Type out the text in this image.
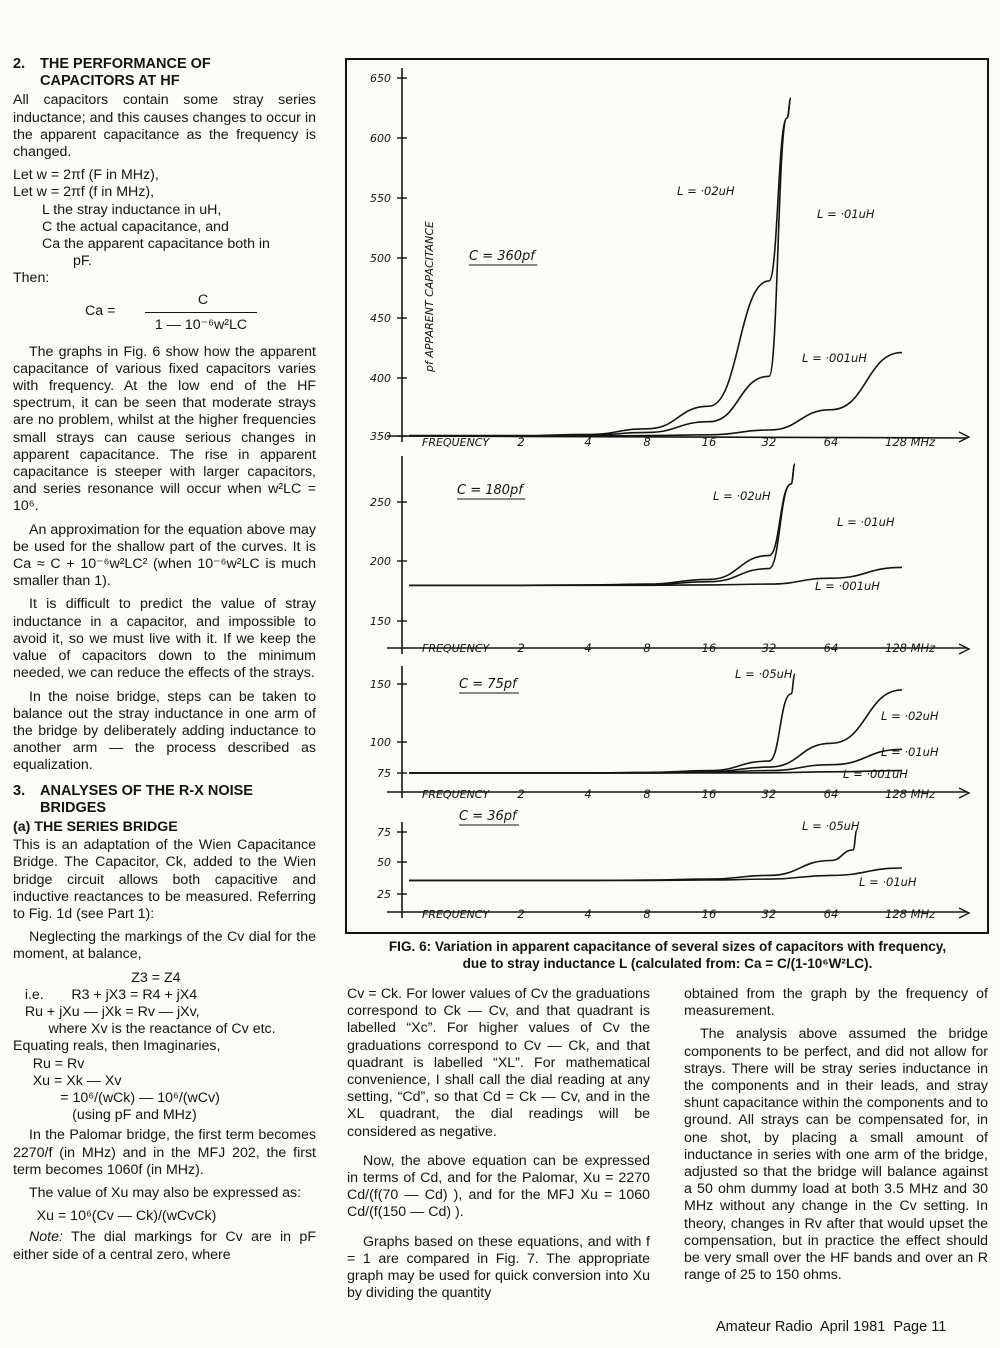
2. THE PERFORMANCE OF
CAPACITORS AT HF

All capacitors contain some stray series inductance; and this causes changes to occur in the apparent capacitance as the frequency is changed.

Let w = 2πf (F in MHz),
Let w = 2πf (f in MHz),
L the stray inductance in uH,
C the actual capacitance, and
Ca the apparent capacitance both in
pF.
Then:
Ca =
C
1 — 10⁻⁶w²LC

The graphs in Fig. 6 show how the apparent capacitance of various fixed capacitors varies with frequency. At the low end of the HF spectrum, it can be seen that moderate strays are no problem, whilst at the higher frequencies small strays can cause serious changes in apparent capacitance. The rise in apparent capacitance is steeper with larger capacitors, and series resonance will occur when w²LC = 10⁶.

An approximation for the equation above may be used for the shallow part of the curves. It is Ca ≈ C + 10⁻⁶w²LC² (when 10⁻⁶w²LC is much smaller than 1).

It is difficult to predict the value of stray inductance in a capacitor, and impossible to avoid it, so we must live with it. If we keep the value of capacitors down to the minimum needed, we can reduce the effects of the strays.

In the noise bridge, steps can be taken to balance out the stray inductance in one arm of the bridge by deliberately adding inductance to another arm — the process described as equalization.

3. ANALYSES OF THE R-X NOISE
BRIDGES
(a) THE SERIES BRIDGE

This is an adaptation of the Wien Capacitance Bridge. The Capacitor, Ck, added to the Wien bridge circuit allows both capacitive and inductive reactances to be measured. Referring to Fig. 1d (see Part 1):

Neglecting the markings of the Cv dial for the moment, at balance,

Z3 = Z4
i.e.       R3 + jX3 = R4 + jX4
Ru + jXu — jXk = Rv — jXv,
where Xv is the reactance of Cv etc.
Equating reals, then Imaginaries,
Ru = Rv
Xu = Xk — Xv
= 10⁶/(wCk) — 10⁶/(wCv)
(using pF and MHz)

In the Palomar bridge, the first term becomes 2270/f (in MHz) and in the MFJ 202, the first term becomes 1060f (in MHz).

The value of Xu may also be expressed as:

Xu = 10⁶(Cv — Ck)/(wCvCk)

Note: The dial markings for Cv are in pF either side of a central zero, where

650
600
550
500
450
400
350	FREQUENCY 2	4	8	16	32	64	128 MHz
C = 360pf
L = ·02uH
L = ·01uH
L = ·001uH
250
200
150
FREQUENCY 2	4	8	16	32	64	128 MHz
C = 180pf	L = ·02uH
L = ·01uH
L = ·001uH
150
100
75
FREQUENCY 2	4	8	16	32	64	128 MHz
C = 75pf
L = ·05uH
L = ·02uH
L = ·01uH
L = ·001uH
75
50
25
FREQUENCY 2	4	8	16	32	64	128 MHz
C = 36pf
L = ·05uH
L = ·01uH
pf APPARENT CAPACITANCE
FIG. 6: Variation in apparent capacitance of several sizes of capacitors with frequency,
due to stray inductance L (calculated from: Ca = C/(1-10⁶W²LC).

Cv = Ck. For lower values of Cv the graduations correspond to Ck — Cv, and that quadrant is labelled “Xc”. For higher values of Cv the graduations correspond to Cv — Ck, and that quadrant is labelled “XL”. For mathematical convenience, I shall call the dial reading at any setting, “Cd”, so that Cd = Ck — Cv, and in the XL quadrant, the dial readings will be considered as negative.

Now, the above equation can be expressed in terms of Cd, and for the Palomar, Xu = 2270 Cd/(f(70 — Cd) ), and for the MFJ Xu = 1060 Cd/(f(150 — Cd) ).

Graphs based on these equations, and with f = 1 are compared in Fig. 7. The appropriate graph may be used for quick conversion into Xu by dividing the quantity

obtained from the graph by the frequency of measurement.

The analysis above assumed the bridge components to be perfect, and did not allow for strays. There will be stray series inductance in the components and in their leads, and stray shunt capacitance within the components and to ground. All strays can be compensated for, in one shot, by placing a small amount of inductance in series with one arm of the bridge, adjusted so that the bridge will balance against a 50 ohm dummy load at both 3.5 MHz and 30 MHz without any change in the Cv setting. In theory, changes in Rv after that would upset the compensation, but in practice the effect should be very small over the HF bands and over an R range of 25 to 150 ohms.

Amateur Radio  April 1981  Page 11
